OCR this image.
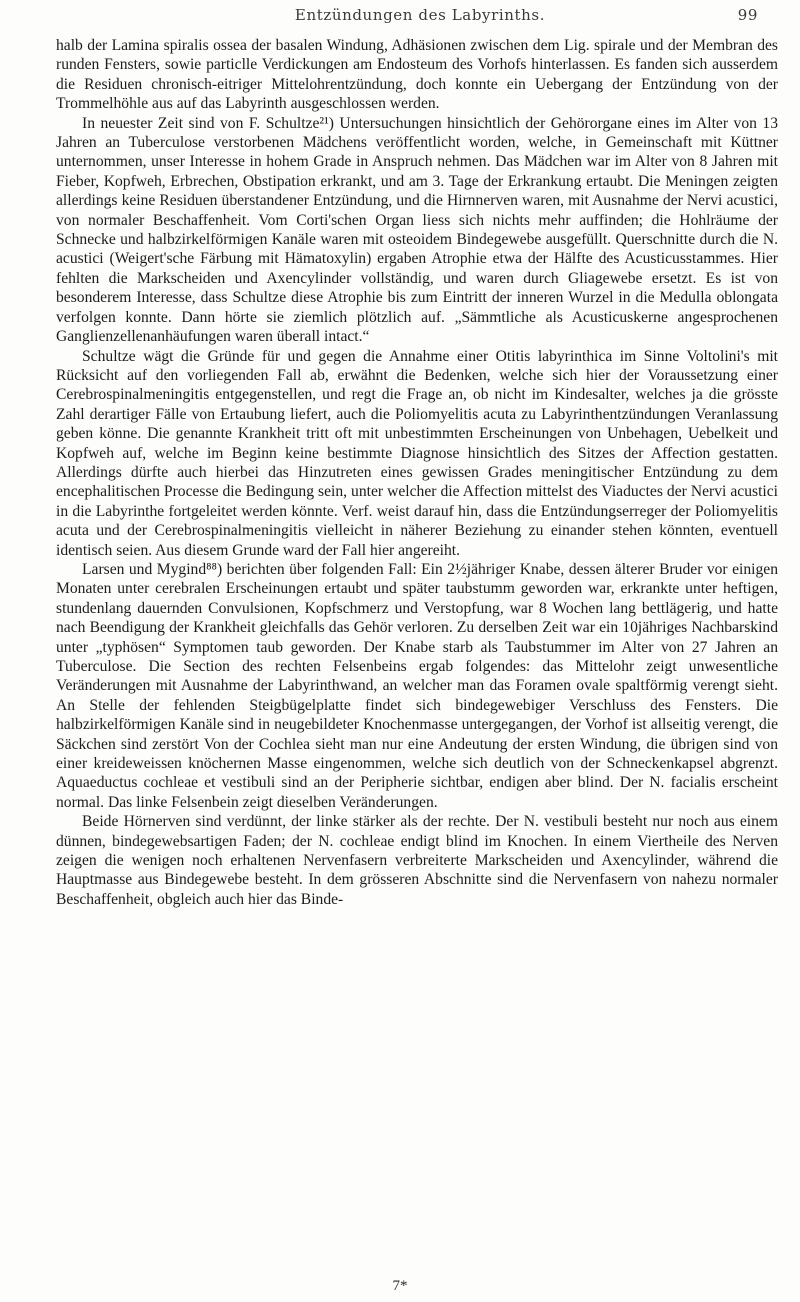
Entzündungen des Labyrinths.	99

halb der Lamina spiralis ossea der basalen Windung, Adhäsionen zwischen dem Lig. spirale und der Membran des runden Fensters, sowie particlle Verdickungen am Endosteum des Vorhofs hinterlassen. Es fanden sich ausserdem die Residuen chronisch-eitriger Mittelohrentzündung, doch konnte ein Uebergang der Entzündung von der Trommelhöhle aus auf das Labyrinth ausgeschlossen werden.

In neuester Zeit sind von F. Schultze²¹) Untersuchungen hinsichtlich der Gehörorgane eines im Alter von 13 Jahren an Tuberculose verstorbenen Mädchens veröffentlicht worden, welche, in Gemeinschaft mit Küttner unternommen, unser Interesse in hohem Grade in Anspruch nehmen. Das Mädchen war im Alter von 8 Jahren mit Fieber, Kopfweh, Erbrechen, Obstipation erkrankt, und am 3. Tage der Erkrankung ertaubt. Die Meningen zeigten allerdings keine Residuen überstandener Entzündung, und die Hirnnerven waren, mit Ausnahme der Nervi acustici, von normaler Beschaffenheit. Vom Corti'schen Organ liess sich nichts mehr auffinden; die Hohlräume der Schnecke und halbzirkelförmigen Kanäle waren mit osteoidem Bindegewebe ausgefüllt. Querschnitte durch die N. acustici (Weigert'sche Färbung mit Hämatoxylin) ergaben Atrophie etwa der Hälfte des Acusticusstammes. Hier fehlten die Markscheiden und Axencylinder vollständig, und waren durch Gliagewebe ersetzt. Es ist von besonderem Interesse, dass Schultze diese Atrophie bis zum Eintritt der inneren Wurzel in die Medulla oblongata verfolgen konnte. Dann hörte sie ziemlich plötzlich auf. „Sämmtliche als Acusticuskerne angesprochenen Ganglienzellenanhäufungen waren überall intact.“

Schultze wägt die Gründe für und gegen die Annahme einer Otitis labyrinthica im Sinne Voltolini's mit Rücksicht auf den vorliegenden Fall ab, erwähnt die Bedenken, welche sich hier der Voraussetzung einer Cerebrospinalmeningitis entgegenstellen, und regt die Frage an, ob nicht im Kindesalter, welches ja die grösste Zahl derartiger Fälle von Ertaubung liefert, auch die Poliomyelitis acuta zu Labyrinthentzündungen Veranlassung geben könne. Die genannte Krankheit tritt oft mit unbestimmten Erscheinungen von Unbehagen, Uebelkeit und Kopfweh auf, welche im Beginn keine bestimmte Diagnose hinsichtlich des Sitzes der Affection gestatten. Allerdings dürfte auch hierbei das Hinzutreten eines gewissen Grades meningitischer Entzündung zu dem encephalitischen Processe die Bedingung sein, unter welcher die Affection mittelst des Viaductes der Nervi acustici in die Labyrinthe fortgeleitet werden könnte. Verf. weist darauf hin, dass die Entzündungserreger der Poliomyelitis acuta und der Cerebrospinalmeningitis vielleicht in näherer Beziehung zu einander stehen könnten, eventuell identisch seien. Aus diesem Grunde ward der Fall hier angereiht.

Larsen und Mygind⁸⁸) berichten über folgenden Fall: Ein 2½jähriger Knabe, dessen älterer Bruder vor einigen Monaten unter cerebralen Erscheinungen ertaubt und später taubstumm geworden war, erkrankte unter heftigen, stundenlang dauernden Convulsionen, Kopfschmerz und Verstopfung, war 8 Wochen lang bettlägerig, und hatte nach Beendigung der Krankheit gleichfalls das Gehör verloren. Zu derselben Zeit war ein 10jähriges Nachbarskind unter „typhösen“ Symptomen taub geworden. Der Knabe starb als Taubstummer im Alter von 27 Jahren an Tuberculose. Die Section des rechten Felsenbeins ergab folgendes: das Mittelohr zeigt unwesentliche Veränderungen mit Ausnahme der Labyrinthwand, an welcher man das Foramen ovale spaltförmig verengt sieht. An Stelle der fehlenden Steigbügelplatte findet sich bindegewebiger Verschluss des Fensters. Die halbzirkelförmigen Kanäle sind in neugebildeter Knochenmasse untergegangen, der Vorhof ist allseitig verengt, die Säckchen sind zerstört Von der Cochlea sieht man nur eine Andeutung der ersten Windung, die übrigen sind von einer kreideweissen knöchernen Masse eingenommen, welche sich deutlich von der Schneckenkapsel abgrenzt. Aquaeductus cochleae et vestibuli sind an der Peripherie sichtbar, endigen aber blind. Der N. facialis erscheint normal. Das linke Felsenbein zeigt dieselben Veränderungen.

Beide Hörnerven sind verdünnt, der linke stärker als der rechte. Der N. vestibuli besteht nur noch aus einem dünnen, bindegewebsartigen Faden; der N. cochleae endigt blind im Knochen. In einem Viertheile des Nerven zeigen die wenigen noch erhaltenen Nervenfasern verbreiterte Markscheiden und Axencylinder, während die Hauptmasse aus Bindegewebe besteht. In dem grösseren Abschnitte sind die Nervenfasern von nahezu normaler Beschaffenheit, obgleich auch hier das Binde-

7*
